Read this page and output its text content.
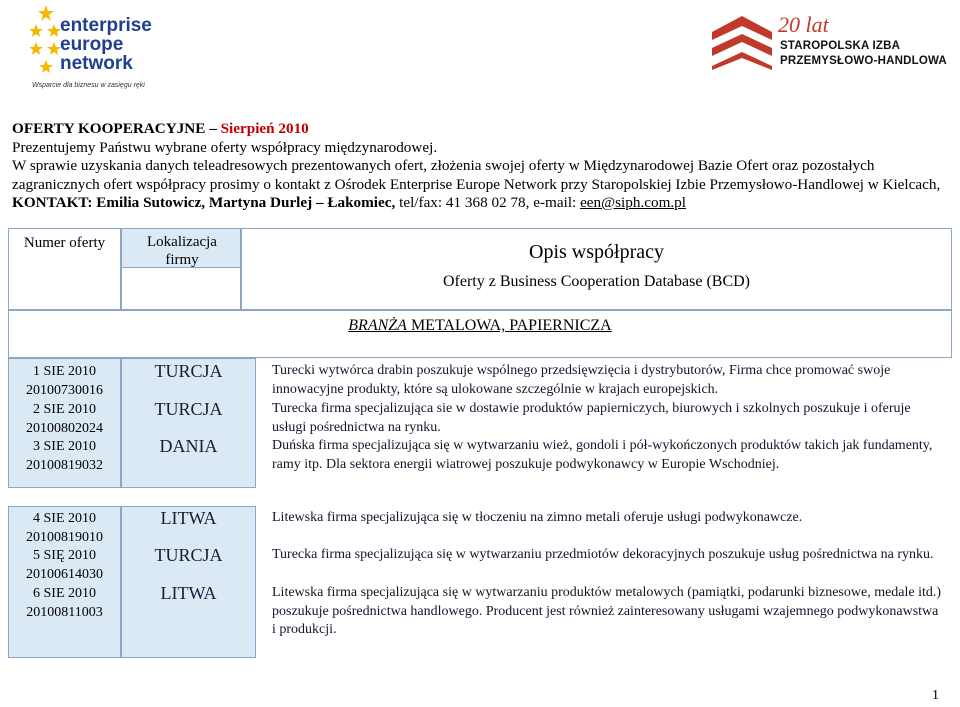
enterprise
europe
network
Wsparcie dla biznesu w zasięgu ręki
20 lat
STAROPOLSKA IZBA
PRZEMYSŁOWO-HANDLOWA
OFERTY KOOPERACYJNE – Sierpień 2010
Prezentujemy Państwu wybrane oferty współpracy międzynarodowej.
W sprawie uzyskania danych teleadresowych prezentowanych ofert, złożenia swojej oferty w Międzynarodowej Bazie Ofert oraz pozostałych zagranicznych ofert współpracy prosimy o kontakt z Ośrodek Enterprise Europe Network przy Staropolskiej Izbie Przemysłowo-Handlowej w Kielcach, KONTAKT: Emilia Sutowicz, Martyna Durlej – Łakomiec, tel/fax: 41 368 02 78, e-mail: een@siph.com.pl
Numer oferty	Lokalizacja firmy	Opis współpracy
Oferty z Business Cooperation Database (BCD)
BRANŻA METALOWA, PAPIERNICZA
1 SIE 2010
20100730016
TURCJA	Turecki wytwórca drabin poszukuje wspólnego przedsięwzięcia i dystrybutorów, Firma chce promować swoje innowacyjne produkty, które są ulokowane szczególnie w krajach europejskich.
2 SIE 2010
20100802024
TURCJA	Turecka firma specjalizująca sie w dostawie produktów papierniczych, biurowych i szkolnych poszukuje i oferuje usługi pośrednictwa na rynku.
3 SIE 2010
20100819032
DANIA	Duńska firma specjalizująca się w wytwarzaniu wież, gondoli i pół-wykończonych produktów takich jak fundamenty, ramy itp. Dla sektora energii wiatrowej poszukuje podwykonawcy w Europie Wschodniej.
4 SIE 2010
20100819010
LITWA	Litewska firma specjalizująca się w tłoczeniu na zimno metali oferuje usługi podwykonawcze.
5 SIĘ 2010
20100614030
TURCJA	Turecka firma specjalizująca się w wytwarzaniu przedmiotów dekoracyjnych poszukuje usług pośrednictwa na rynku.
6 SIE 2010
20100811003
LITWA	Litewska firma specjalizująca się w wytwarzaniu produktów metalowych (pamiątki, podarunki biznesowe, medale itd.) poszukuje pośrednictwa handlowego. Producent jest również zainteresowany usługami wzajemnego podwykonawstwa i produkcji.
1
